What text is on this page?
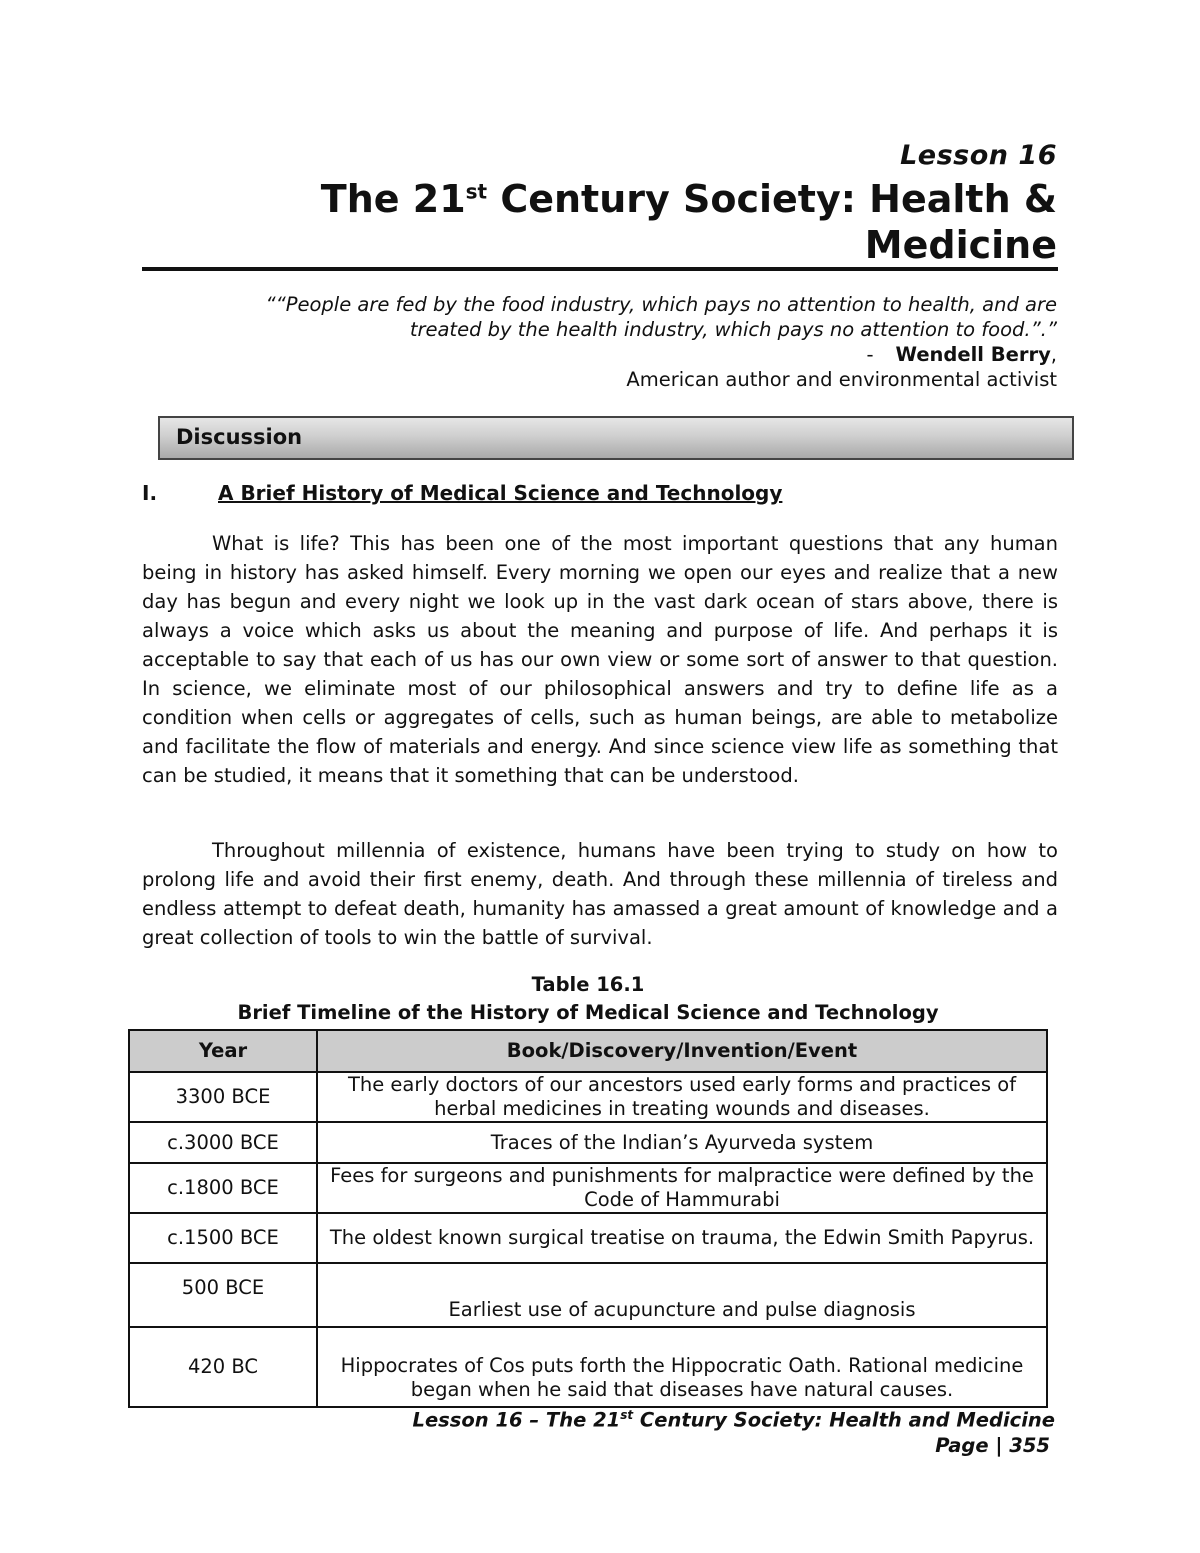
Lesson 16
The 21st Century Society: Health &
Medicine
““People are fed by the food industry, which pays no attention to health, and are
treated by the health industry, which pays no attention to food.”.”
- Wendell Berry,
American author and environmental activist
Discussion
I.	A Brief History of Medical Science and Technology
What is life? This has been one of the most important questions that any human being in history has asked himself. Every morning we open our eyes and realize that a new day has begun and every night we look up in the vast dark ocean of stars above, there is always a voice which asks us about the meaning and purpose of life. And perhaps it is acceptable to say that each of us has our own view or some sort of answer to that question. In science, we eliminate most of our philosophical answers and try to define life as a condition when cells or aggregates of cells, such as human beings, are able to metabolize and facilitate the flow of materials and energy. And since science view life as something that can be studied, it means that it something that can be understood.
Throughout millennia of existence, humans have been trying to study on how to prolong life and avoid their first enemy, death. And through these millennia of tireless and endless attempt to defeat death, humanity has amassed a great amount of knowledge and a great collection of tools to win the battle of survival.
Table 16.1
Brief Timeline of the History of Medical Science and Technology
Year	Book/Discovery/Invention/Event
3300 BCE	The early doctors of our ancestors used early forms and practices of herbal medicines in treating wounds and diseases.
c.3000 BCE	Traces of the Indian’s Ayurveda system
c.1800 BCE	Fees for surgeons and punishments for malpractice were defined by the Code of Hammurabi
c.1500 BCE	The oldest known surgical treatise on trauma, the Edwin Smith Papyrus.
500 BCE	Earliest use of acupuncture and pulse diagnosis
420 BC	Hippocrates of Cos puts forth the Hippocratic Oath. Rational medicine began when he said that diseases have natural causes.
Lesson 16 – The 21st Century Society: Health and Medicine
Page | 355
